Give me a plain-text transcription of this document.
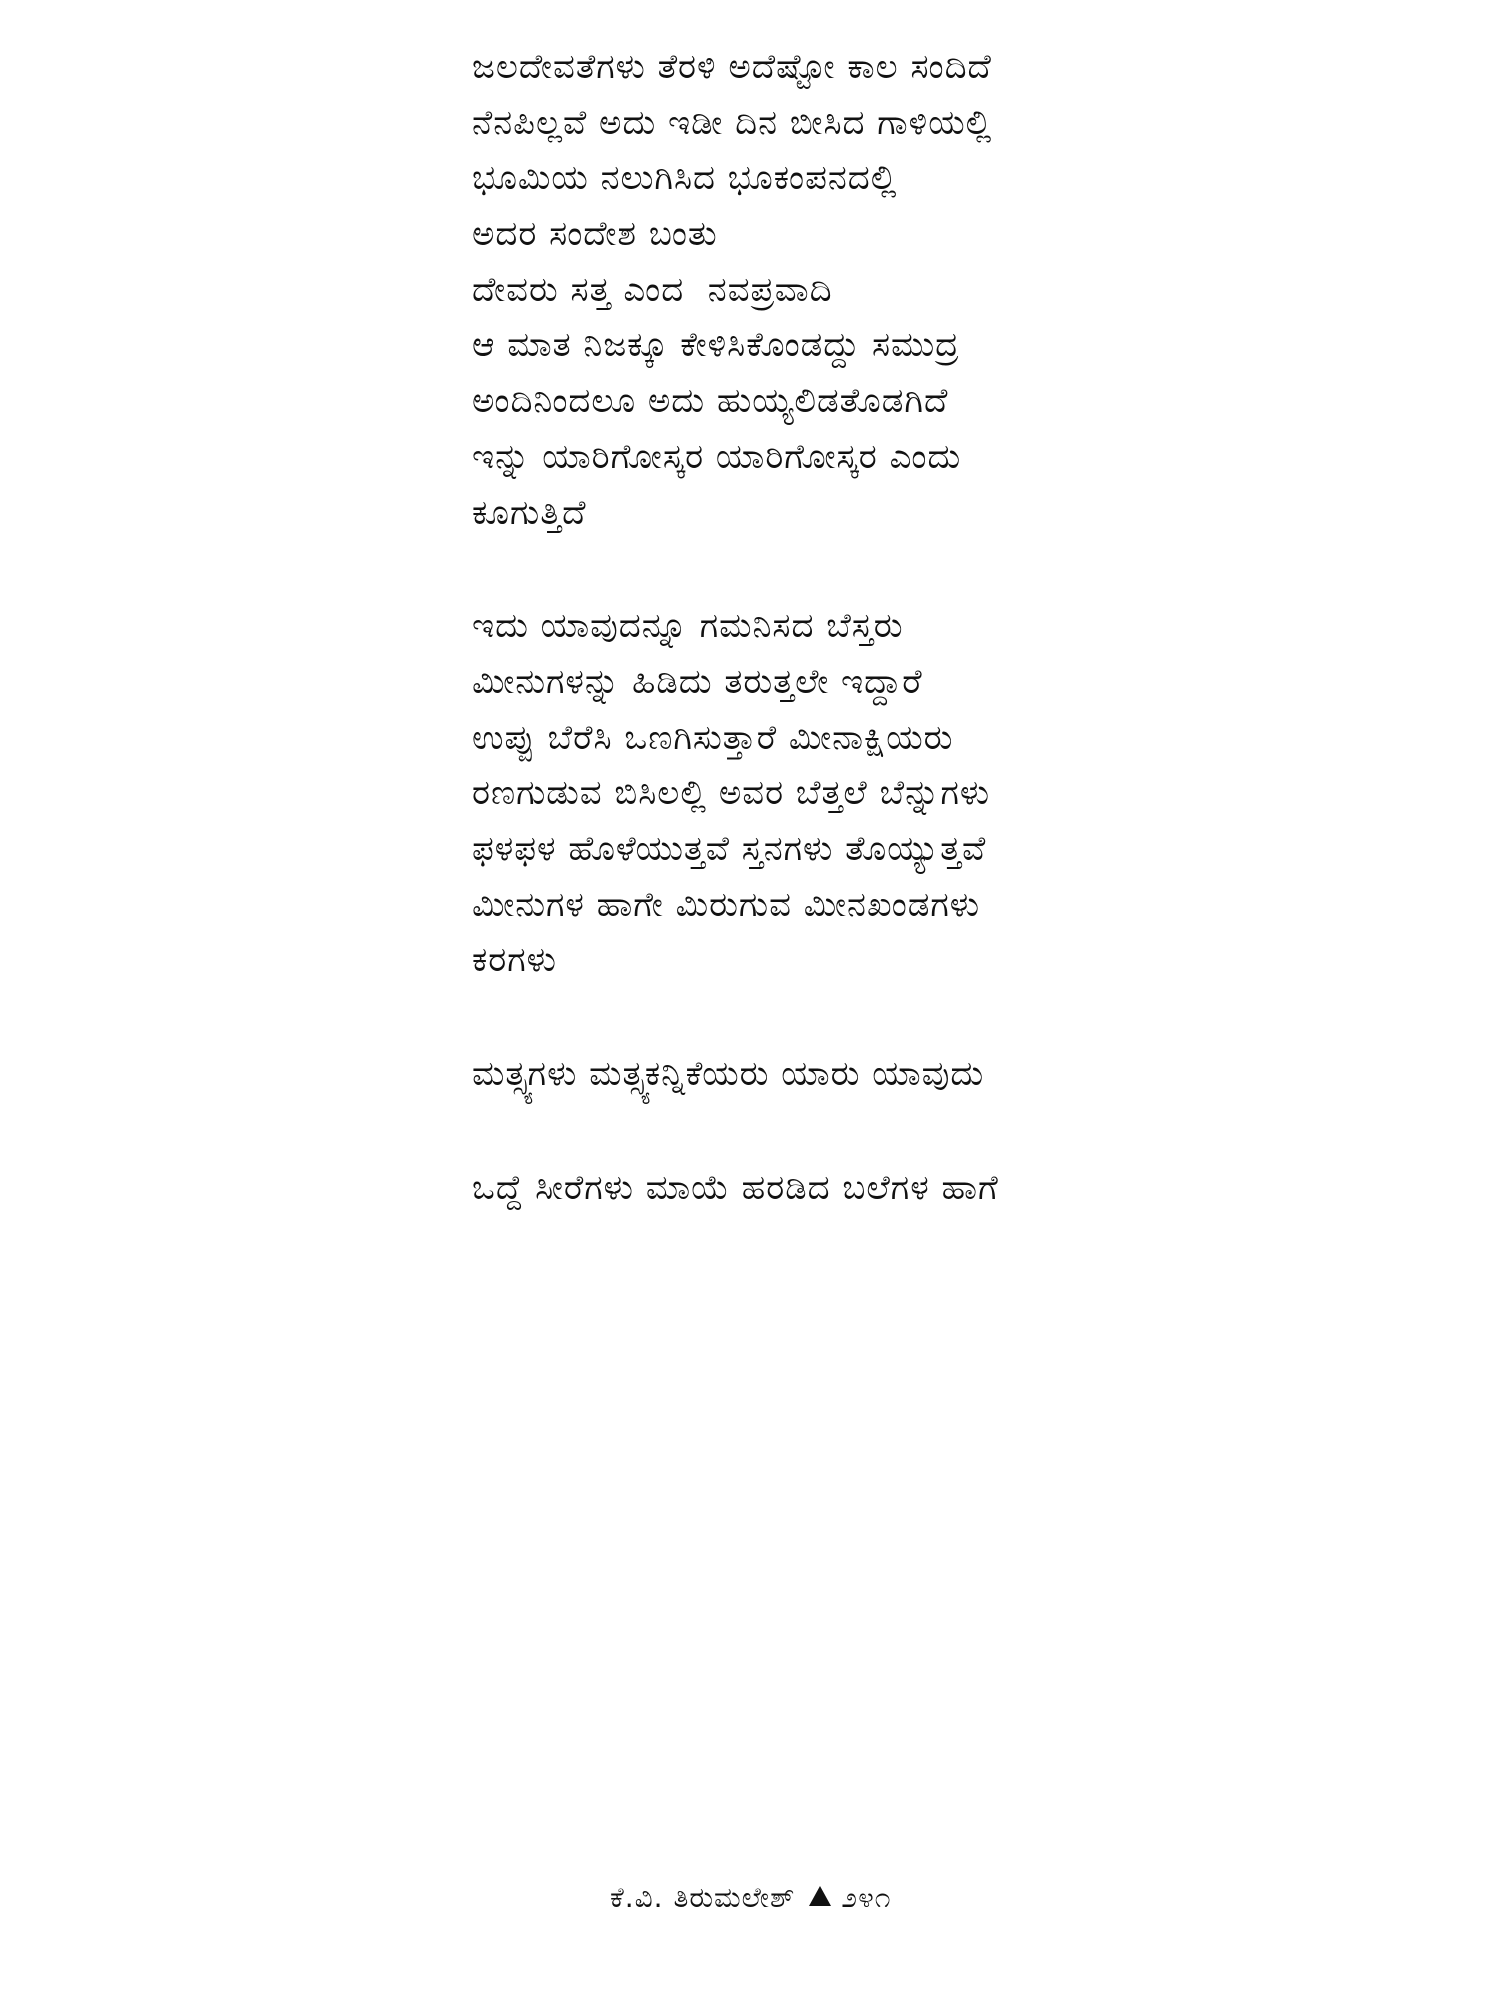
ಜಲದೇವತೆಗಳು ತೆರಳಿ ಅದೆಷ್ಟೋ ಕಾಲ ಸಂದಿದೆ
ನೆನಪಿಲ್ಲವೆ ಅದು ಇಡೀ ದಿನ ಬೀಸಿದ ಗಾಳಿಯಲ್ಲಿ
ಭೂಮಿಯ ನಲುಗಿಸಿದ ಭೂಕಂಪನದಲ್ಲಿ
ಅದರ ಸಂದೇಶ ಬಂತು
ದೇವರು ಸತ್ತ ಎಂದ  ನವಪ್ರವಾದಿ
ಆ ಮಾತ ನಿಜಕ್ಕೂ ಕೇಳಿಸಿಕೊಂಡದ್ದು ಸಮುದ್ರ
ಅಂದಿನಿಂದಲೂ ಅದು ಹುಯ್ಯಲಿಡತೊಡಗಿದೆ
ಇನ್ನು ಯಾರಿಗೋಸ್ಕರ ಯಾರಿಗೋಸ್ಕರ ಎಂದು
ಕೂಗುತ್ತಿದೆ
ಇದು ಯಾವುದನ್ನೂ ಗಮನಿಸದ ಬೆಸ್ತರು
ಮೀನುಗಳನ್ನು ಹಿಡಿದು ತರುತ್ತಲೇ ಇದ್ದಾರೆ
ಉಪ್ಪು ಬೆರೆಸಿ ಒಣಗಿಸುತ್ತಾರೆ ಮೀನಾಕ್ಷಿಯರು
ರಣಗುಡುವ ಬಿಸಿಲಲ್ಲಿ ಅವರ ಬೆತ್ತಲೆ ಬೆನ್ನುಗಳು
ಫಳಫಳ ಹೊಳೆಯುತ್ತವೆ ಸ್ತನಗಳು ತೊಯ್ಯುತ್ತವೆ
ಮೀನುಗಳ ಹಾಗೇ ಮಿರುಗುವ ಮೀನಖಂಡಗಳು
ಕರಗಳು
ಮತ್ಸ್ಯಗಳು ಮತ್ಸ್ಯಕನ್ನಿಕೆಯರು ಯಾರು ಯಾವುದು
ಒದ್ದೆ ಸೀರೆಗಳು ಮಾಯೆ ಹರಡಿದ ಬಲೆಗಳ ಹಾಗೆ
ಕೆ.ವಿ. ತಿರುಮಲೇಶ್ ೨೪೧
